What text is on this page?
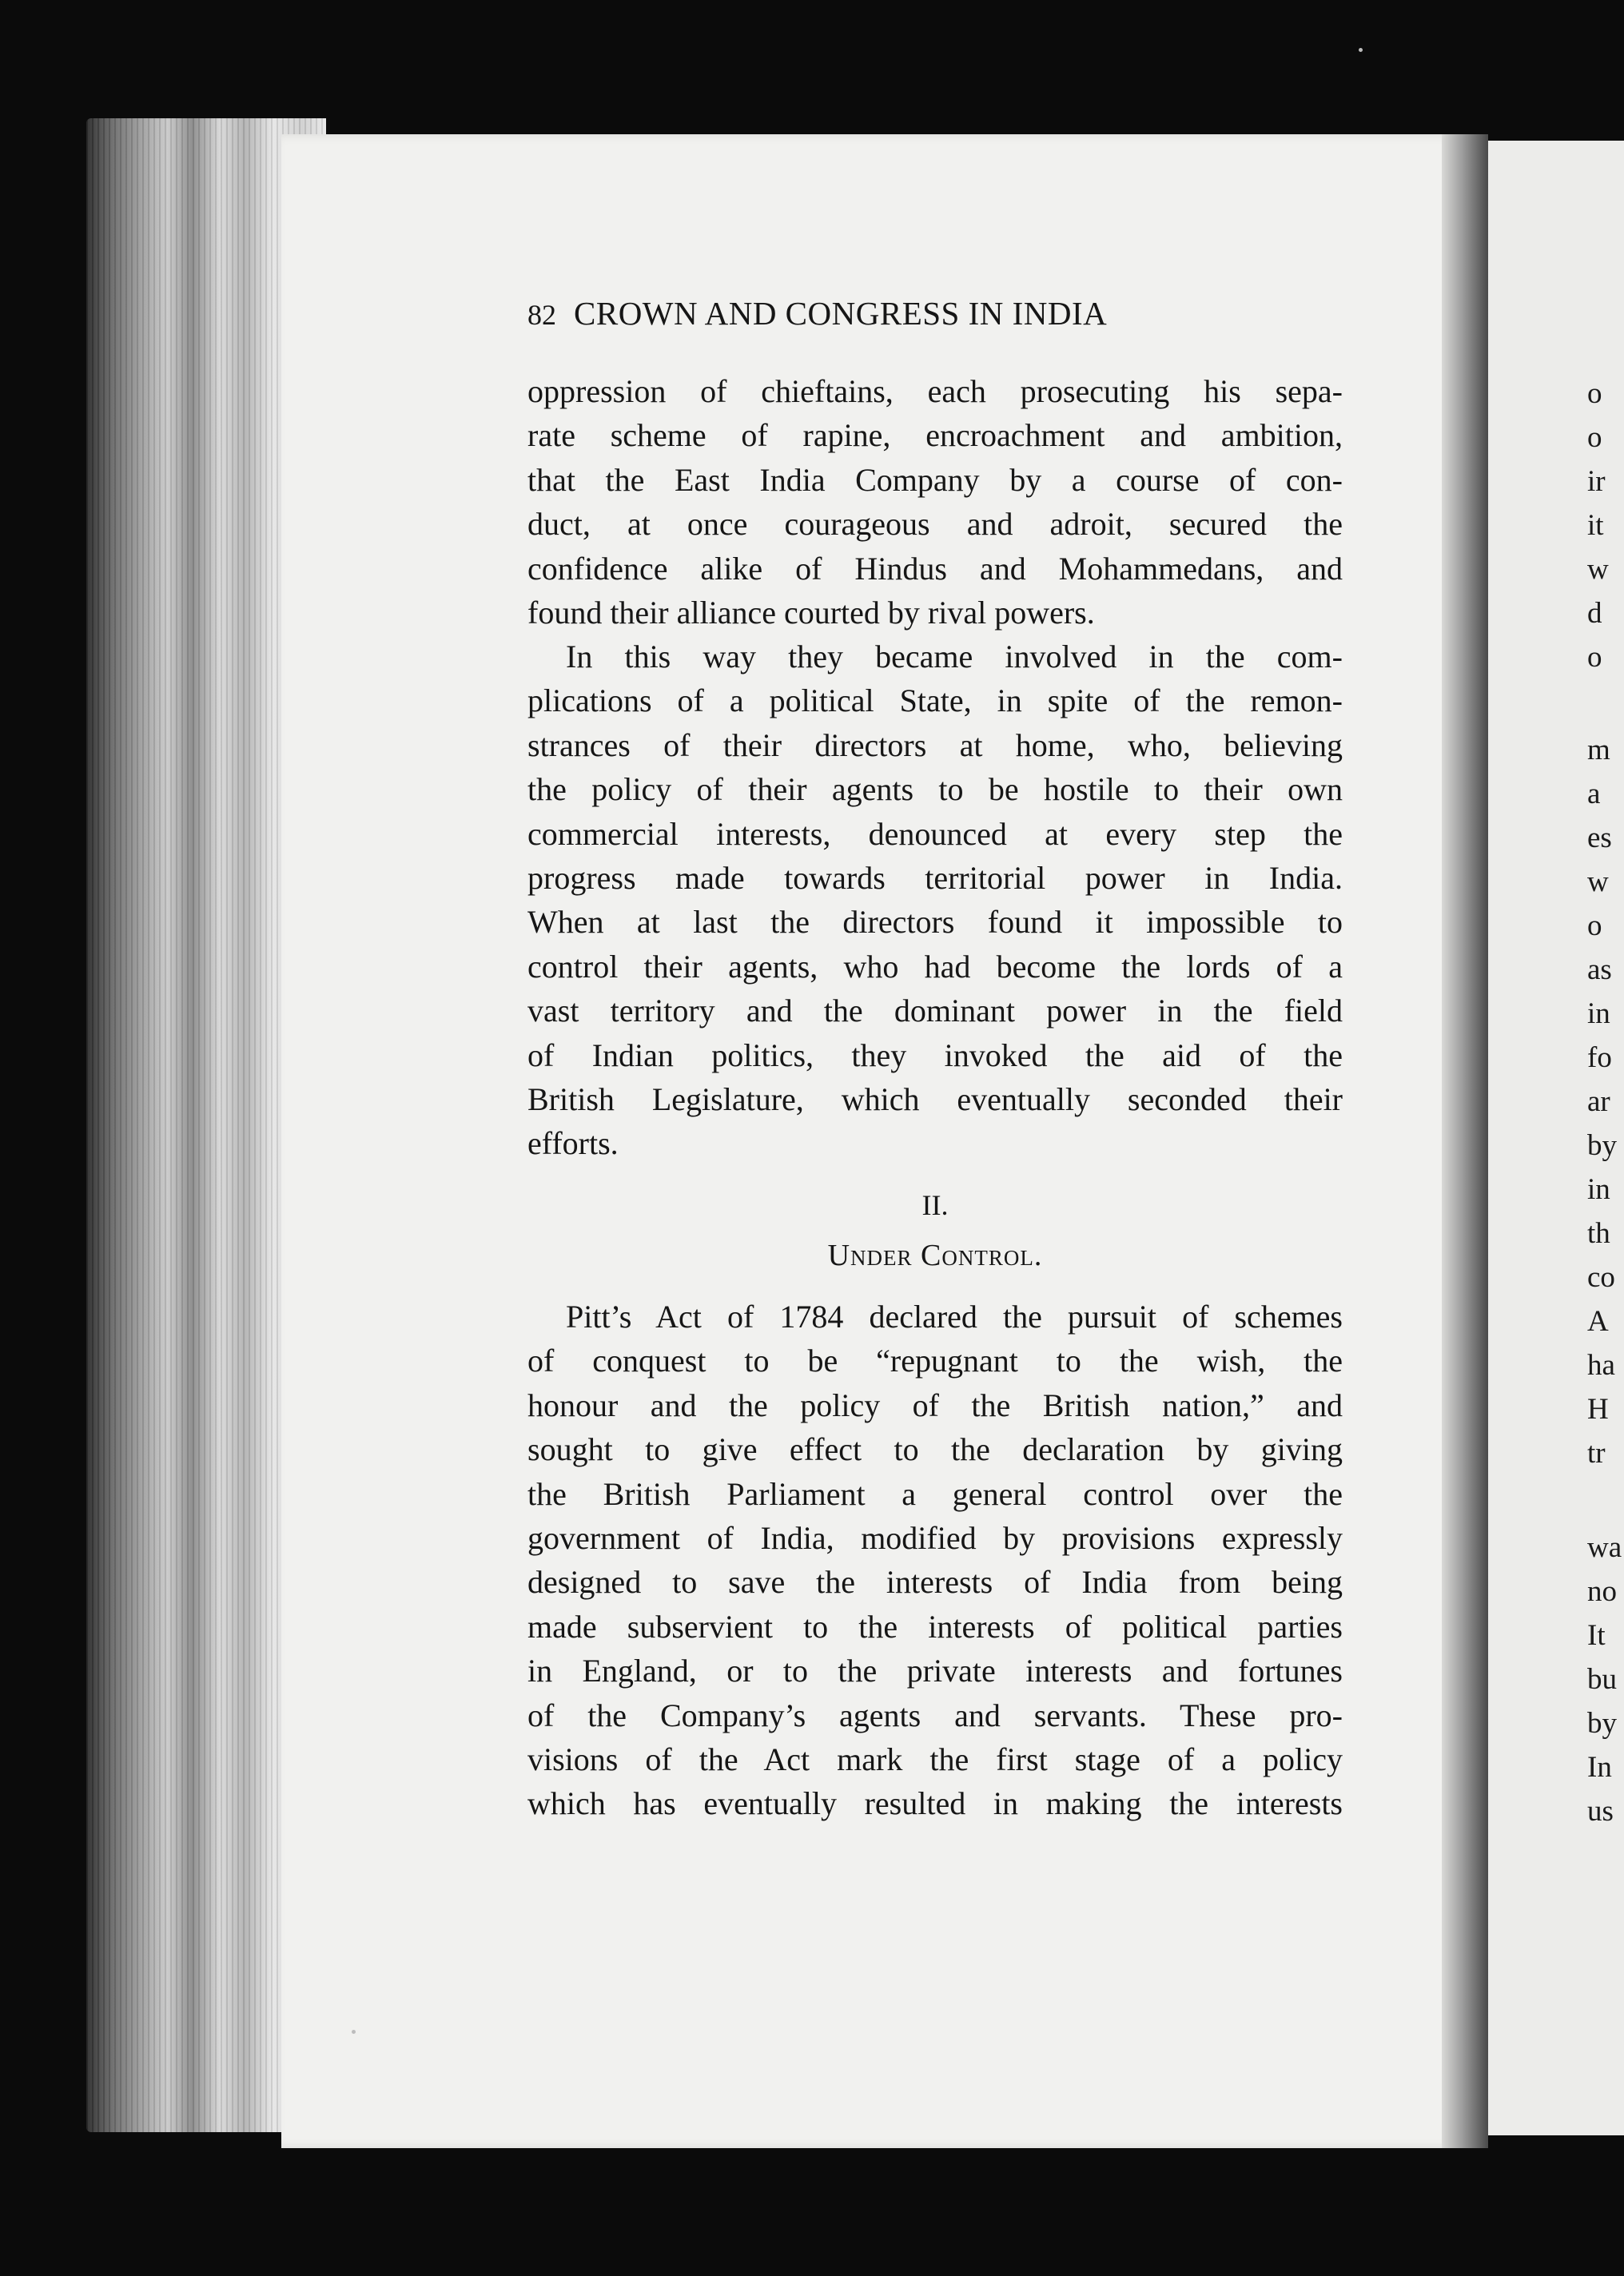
82 CROWN AND CONGRESS IN INDIA
oppression of chieftains, each prosecuting his sepa-
rate scheme of rapine, encroachment and ambition,
that the East India Company by a course of con-
duct, at once courageous and adroit, secured the
confidence alike of Hindus and Mohammedans, and
found their alliance courted by rival powers.
In this way they became involved in the com-
plications of a political State, in spite of the remon-
strances of their directors at home, who, believing
the policy of their agents to be hostile to their own
commercial interests, denounced at every step the
progress made towards territorial power in India.
When at last the directors found it impossible to
control their agents, who had become the lords of a
vast territory and the dominant power in the field
of Indian politics, they invoked the aid of the
British Legislature, which eventually seconded their
efforts.
II.
Under Control.
Pitt’s Act of 1784 declared the pursuit of schemes
of conquest to be “repugnant to the wish, the
honour and the policy of the British nation,” and
sought to give effect to the declaration by giving
the British Parliament a general control over the
government of India, modified by provisions expressly
designed to save the interests of India from being
made subservient to the interests of political parties
in England, or to the private interests and fortunes
of the Company’s agents and servants. These pro-
visions of the Act mark the first stage of a policy
which has eventually resulted in making the interests
o
o
ir
it
w
d
o
m
a
es
w
o
as
in
fo
ar
by
in
th
co
A
ha
H
tr
wa
no
It
bu
by
In
us
